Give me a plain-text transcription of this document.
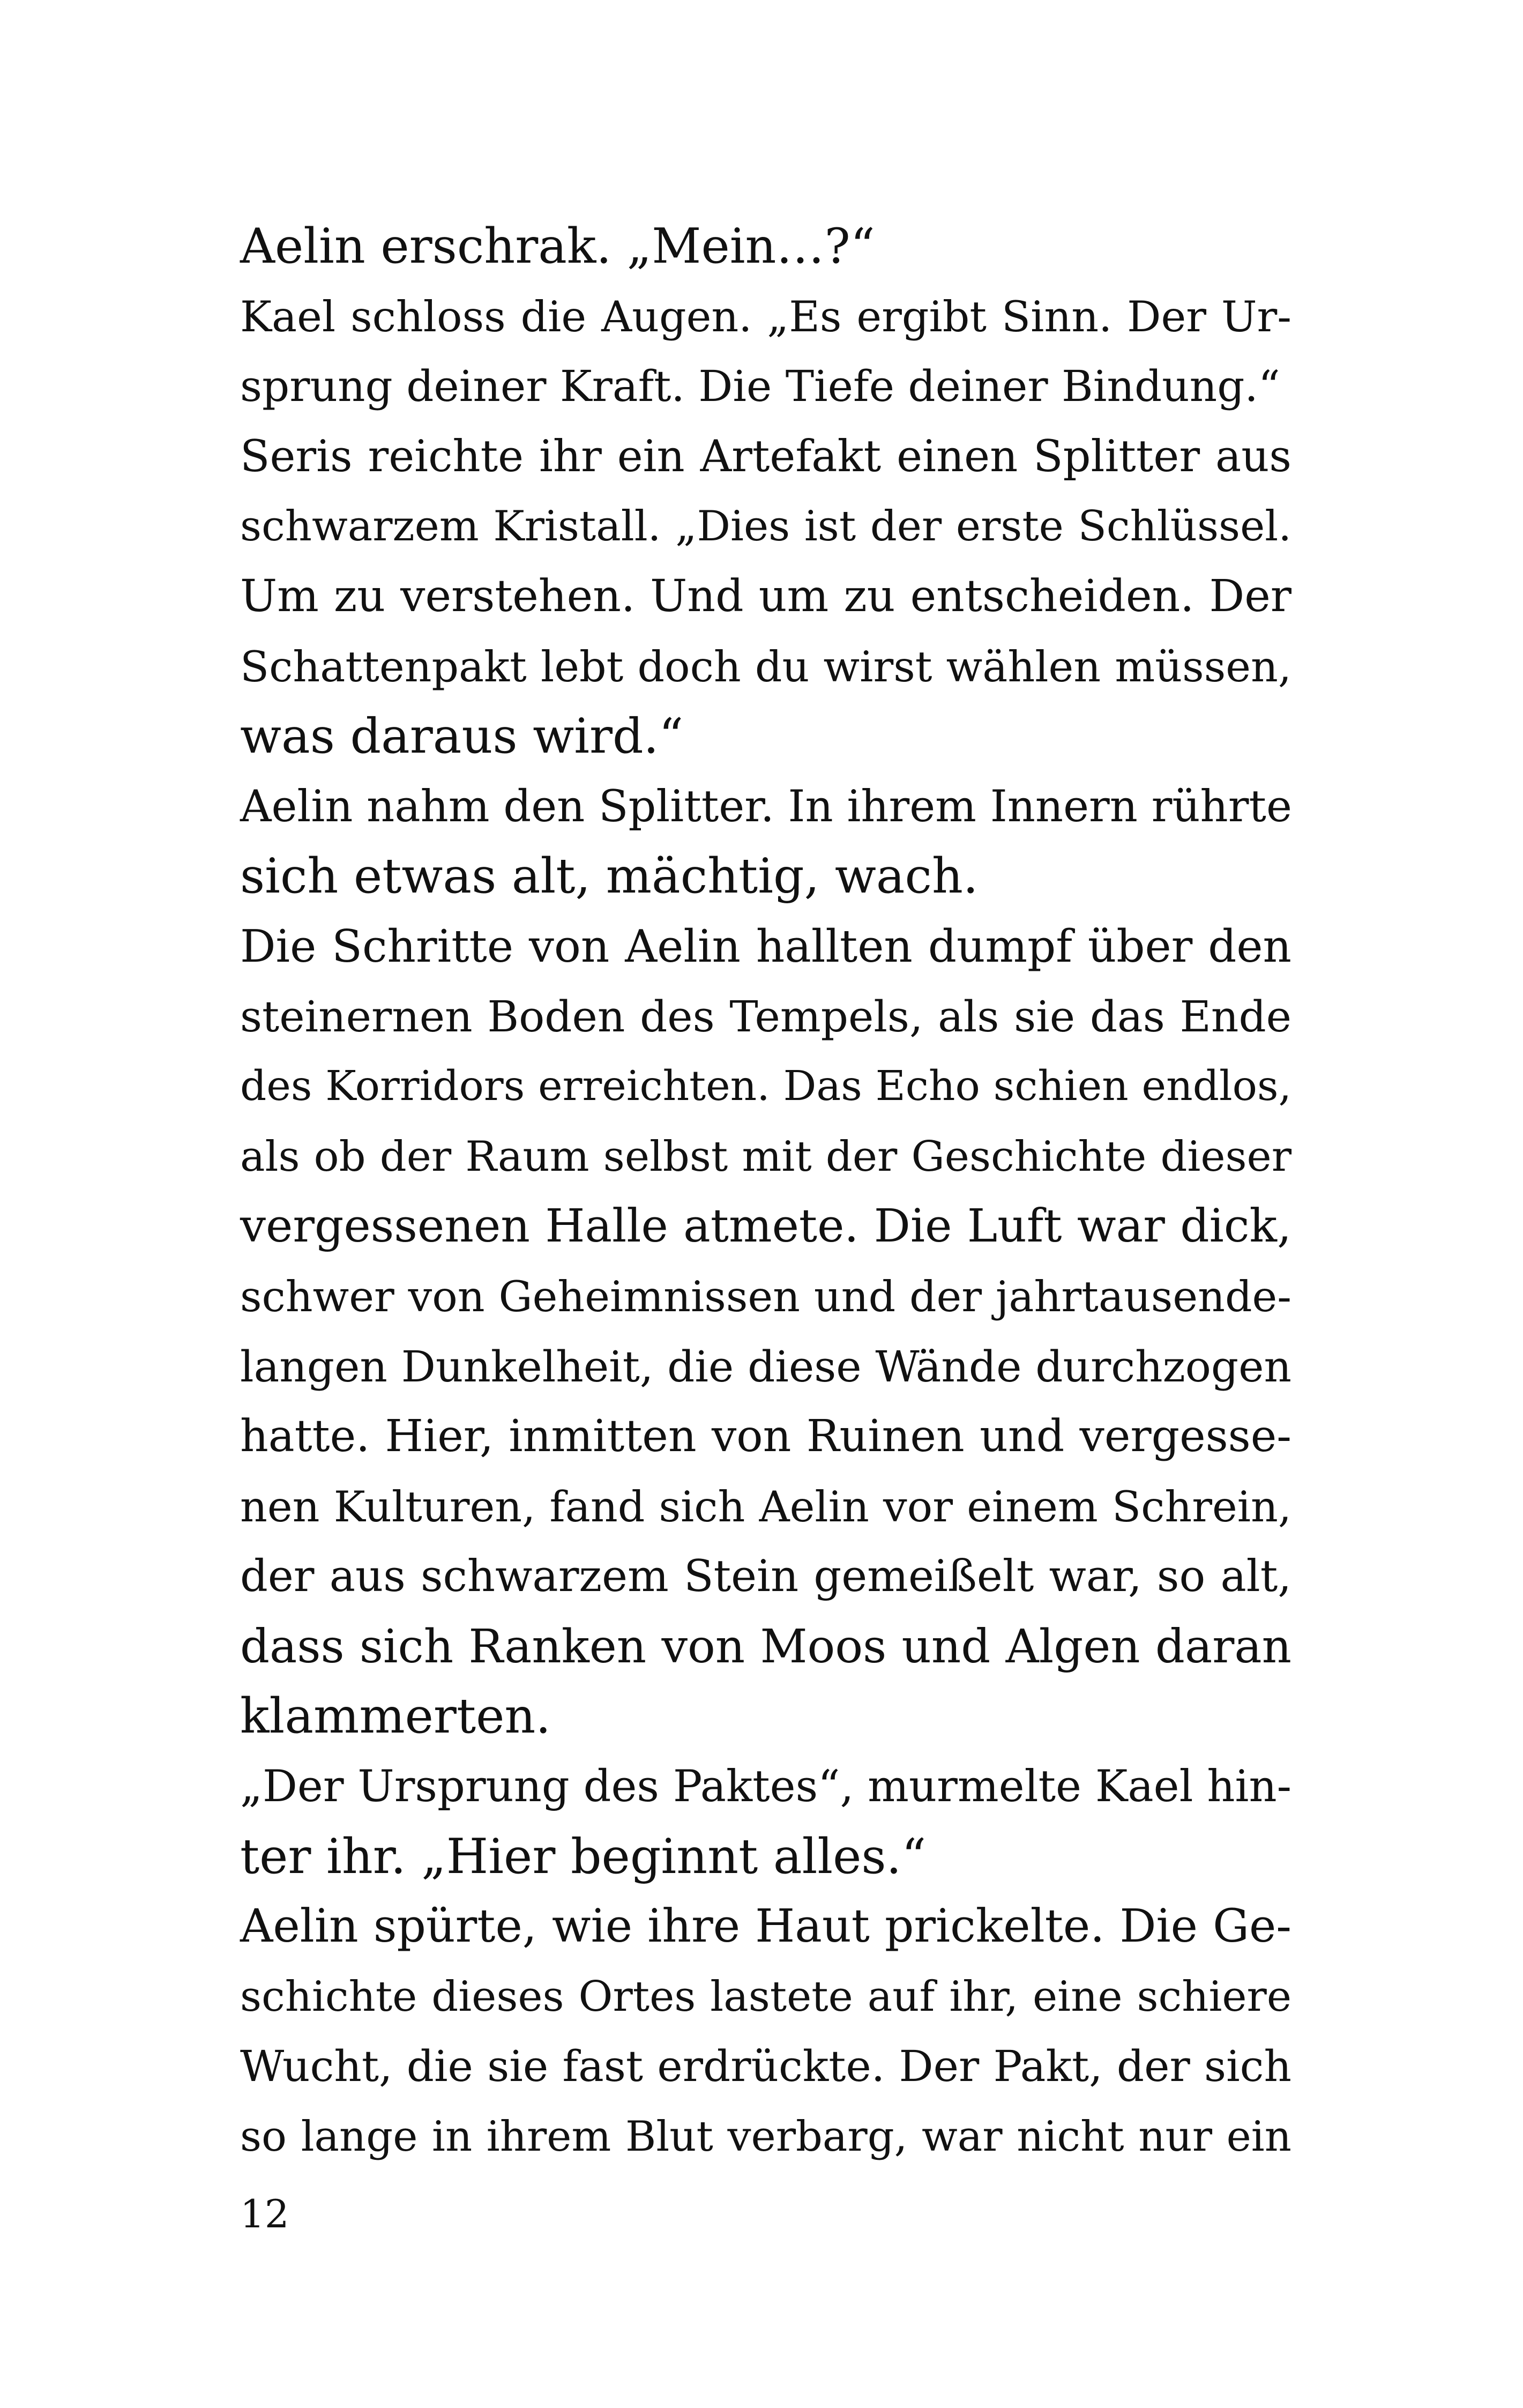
Aelin erschrak. „Mein…?“
Kael schloss die Augen. „Es ergibt Sinn. Der Ur-
sprung deiner Kraft. Die Tiefe deiner Bindung.“
Seris reichte ihr ein Artefakt einen Splitter aus
schwarzem Kristall. „Dies ist der erste Schlüssel.
Um zu verstehen. Und um zu entscheiden. Der
Schattenpakt lebt doch du wirst wählen müssen,
was daraus wird.“
Aelin nahm den Splitter. In ihrem Innern rührte
sich etwas alt, mächtig, wach.
Die Schritte von Aelin hallten dumpf über den
steinernen Boden des Tempels, als sie das Ende
des Korridors erreichten. Das Echo schien endlos,
als ob der Raum selbst mit der Geschichte dieser
vergessenen Halle atmete. Die Luft war dick,
schwer von Geheimnissen und der jahrtausende-
langen Dunkelheit, die diese Wände durchzogen
hatte. Hier, inmitten von Ruinen und vergesse-
nen Kulturen, fand sich Aelin vor einem Schrein,
der aus schwarzem Stein gemeißelt war, so alt,
dass sich Ranken von Moos und Algen daran
klammerten.
„Der Ursprung des Paktes“, murmelte Kael hin-
ter ihr. „Hier beginnt alles.“
Aelin spürte, wie ihre Haut prickelte. Die Ge-
schichte dieses Ortes lastete auf ihr, eine schiere
Wucht, die sie fast erdrückte. Der Pakt, der sich
so lange in ihrem Blut verbarg, war nicht nur ein
12
